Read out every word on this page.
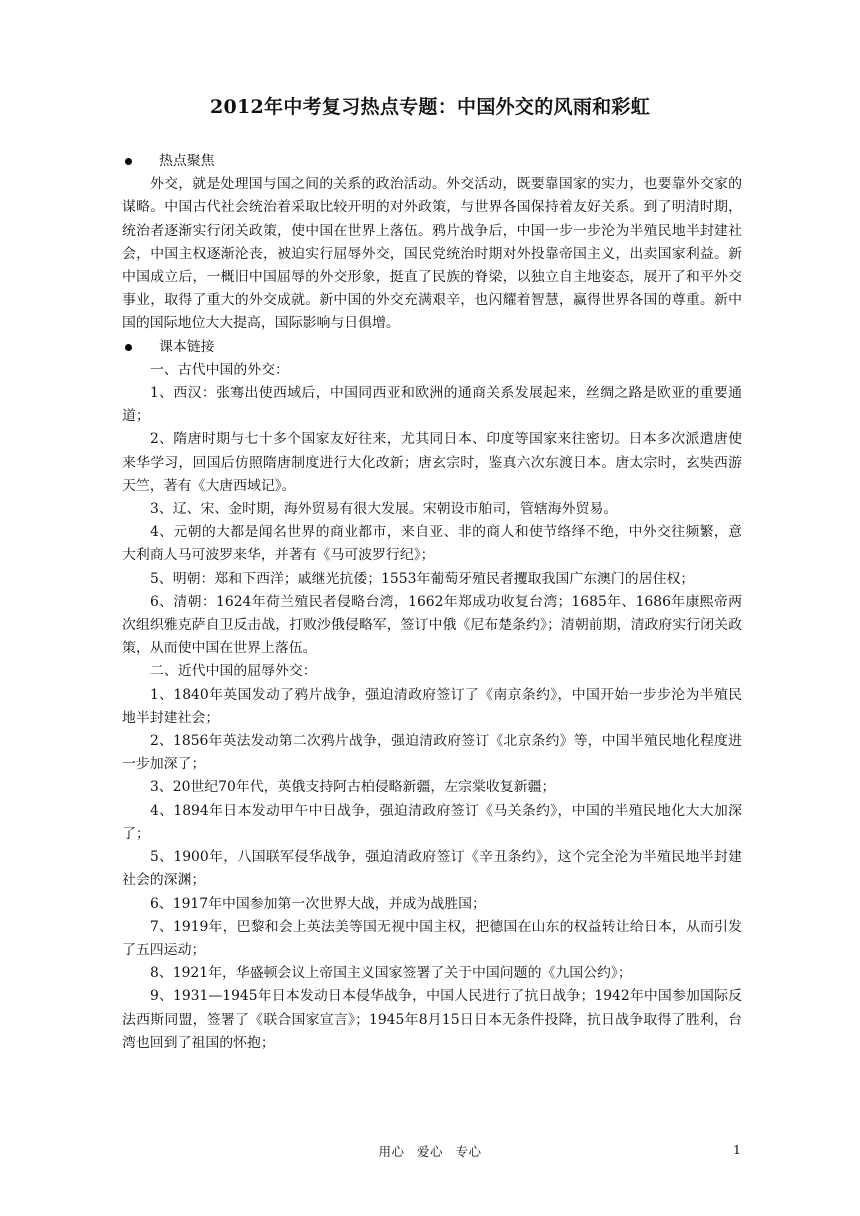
2012年中考复习热点专题：中国外交的风雨和彩虹
热点聚焦

外交，就是处理国与国之间的关系的政治活动。外交活动，既要靠国家的实力，也要靠外交家的谋略。中国古代社会统治着采取比较开明的对外政策，与世界各国保持着友好关系。到了明清时期，统治者逐渐实行闭关政策，使中国在世界上落伍。鸦片战争后，中国一步一步沦为半殖民地半封建社会，中国主权逐渐沦丧，被迫实行屈辱外交，国民党统治时期对外投靠帝国主义，出卖国家利益。新中国成立后，一概旧中国屈辱的外交形象，挺直了民族的脊梁，以独立自主地姿态，展开了和平外交事业，取得了重大的外交成就。新中国的外交充满艰辛，也闪耀着智慧，赢得世界各国的尊重。新中国的国际地位大大提高，国际影响与日俱增。

课本链接

一、古代中国的外交：

1、西汉：张骞出使西域后，中国同西亚和欧洲的通商关系发展起来，丝绸之路是欧亚的重要通道；

2、隋唐时期与七十多个国家友好往来，尤其同日本、印度等国家来往密切。日本多次派遣唐使来华学习，回国后仿照隋唐制度进行大化改新；唐玄宗时，鉴真六次东渡日本。唐太宗时，玄奘西游天竺，著有《大唐西域记》。

3、辽、宋、金时期，海外贸易有很大发展。宋朝设市舶司，管辖海外贸易。

4、元朝的大都是闻名世界的商业都市，来自亚、非的商人和使节络绎不绝，中外交往频繁，意大利商人马可波罗来华，并著有《马可波罗行纪》；

5、明朝：郑和下西洋；戚继光抗倭；1553年葡萄牙殖民者攫取我国广东澳门的居住权；

6、清朝：1624年荷兰殖民者侵略台湾，1662年郑成功收复台湾；1685年、1686年康熙帝两次组织雅克萨自卫反击战，打败沙俄侵略军，签订中俄《尼布楚条约》；清朝前期，清政府实行闭关政策，从而使中国在世界上落伍。

二、近代中国的屈辱外交：

1、1840年英国发动了鸦片战争，强迫清政府签订了《南京条约》，中国开始一步步沦为半殖民地半封建社会；

2、1856年英法发动第二次鸦片战争，强迫清政府签订《北京条约》等，中国半殖民地化程度进一步加深了；

3、20世纪70年代，英俄支持阿古柏侵略新疆，左宗棠收复新疆；

4、1894年日本发动甲午中日战争，强迫清政府签订《马关条约》，中国的半殖民地化大大加深了；

5、1900年，八国联军侵华战争，强迫清政府签订《辛丑条约》，这个完全沦为半殖民地半封建社会的深渊；

6、1917年中国参加第一次世界大战，并成为战胜国；

7、1919年，巴黎和会上英法美等国无视中国主权，把德国在山东的权益转让给日本，从而引发了五四运动；

8、1921年，华盛顿会议上帝国主义国家签署了关于中国问题的《九国公约》；

9、1931—1945年日本发动日本侵华战争，中国人民进行了抗日战争；1942年中国参加国际反法西斯同盟，签署了《联合国家宣言》；1945年8月15日日本无条件投降，抗日战争取得了胜利，台湾也回到了祖国的怀抱；

用心 爱心 专心	1
